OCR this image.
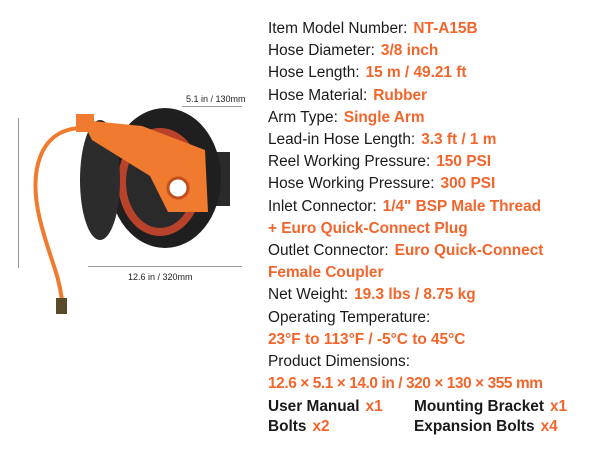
5.1 in / 130mm
12.6 in / 320mm
Item Model Number: NT-A15B
Hose Diameter: 3/8 inch
Hose Length: 15 m / 49.21 ft
Hose Material: Rubber
Arm Type: Single Arm
Lead-in Hose Length: 3.3 ft / 1 m
Reel Working Pressure: 150 PSI
Hose Working Pressure: 300 PSI
Inlet Connector: 1/4" BSP Male Thread
+ Euro Quick-Connect Plug
Outlet Connector: Euro Quick-Connect
Female Coupler
Net Weight: 19.3 lbs / 8.75 kg
Operating Temperature:
23°F to 113°F / -5°C to 45°C
Product Dimensions:
12.6 × 5.1 × 14.0 in / 320 × 130 × 355 mm
User Manual x1	Mounting Bracket x1
Bolts x2	Expansion Bolts x4
